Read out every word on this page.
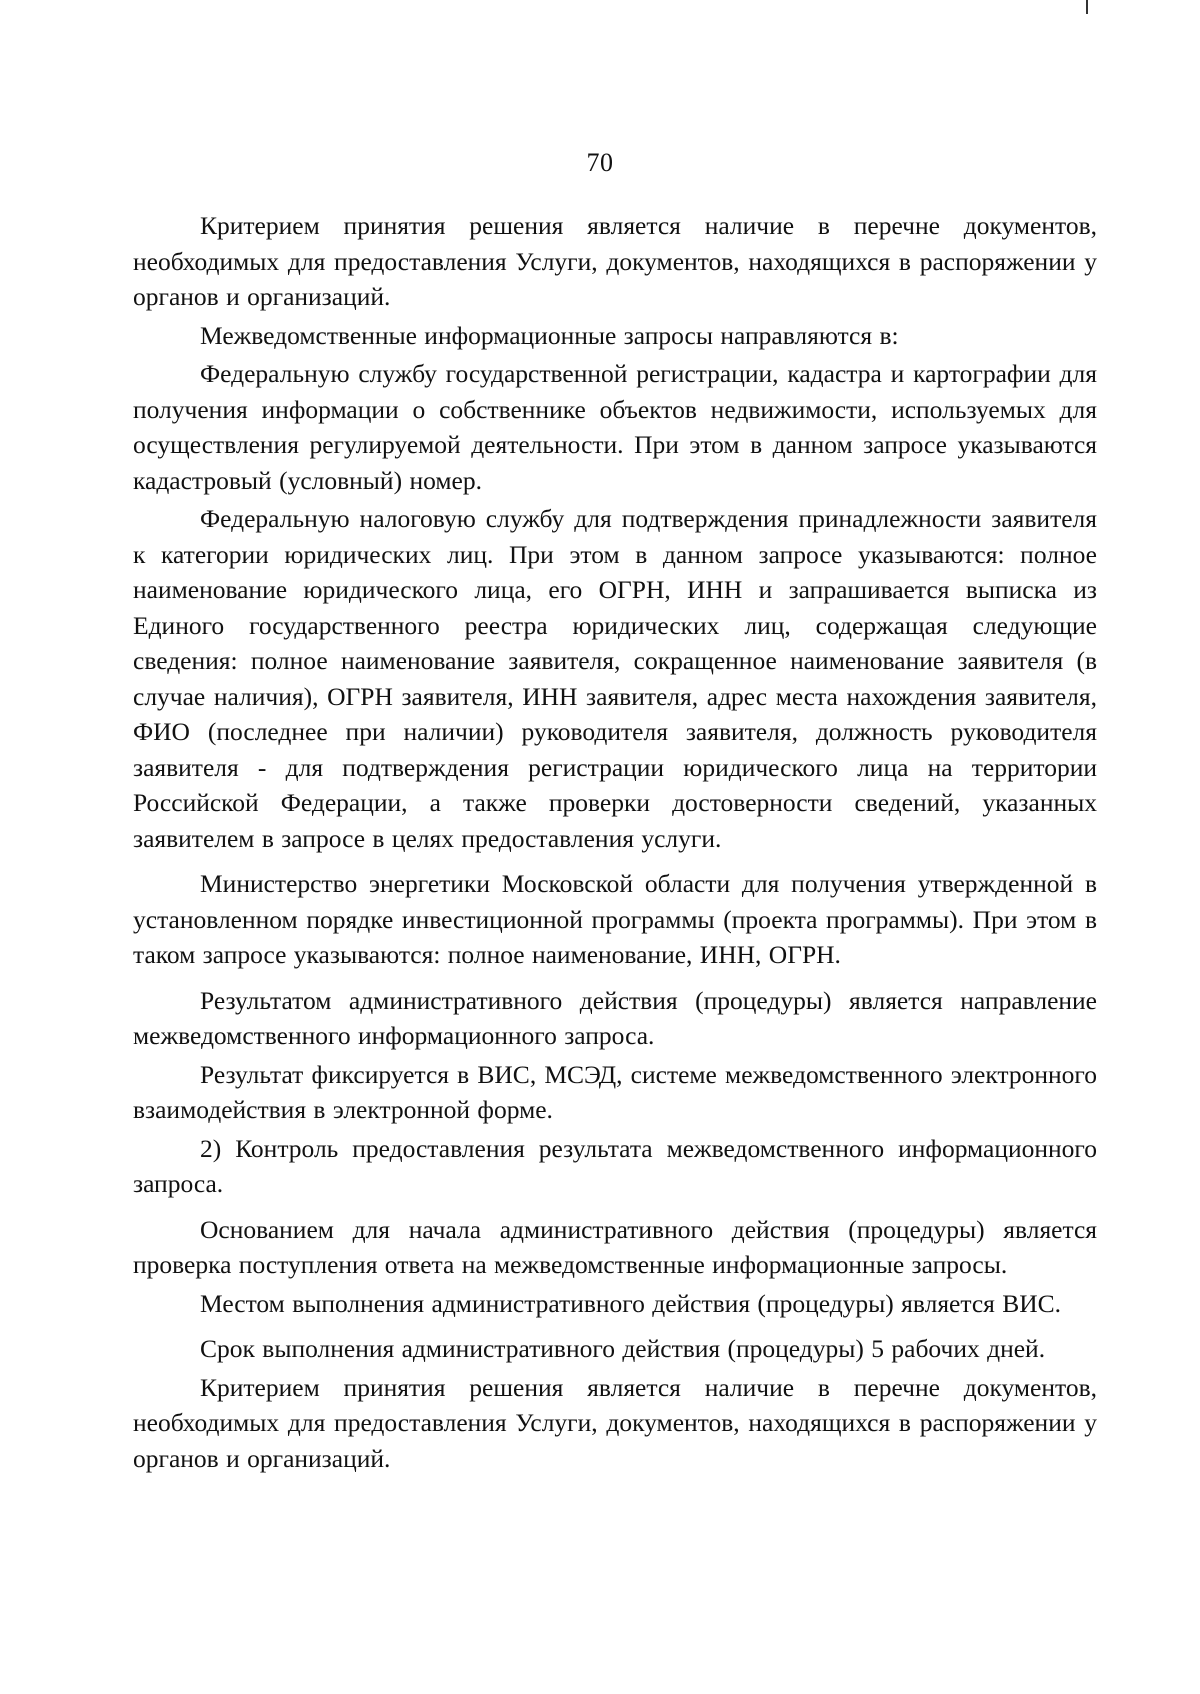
70

Критерием принятия решения является наличие в перечне документов, необходимых для предоставления Услуги, документов, находящихся в распоряжении у органов и организаций.

Межведомственные информационные запросы направляются в:

Федеральную службу государственной регистрации, кадастра и картографии для получения информации о собственнике объектов недвижимости, используемых для осуществления регулируемой деятельности. При этом в данном запросе указываются кадастровый (условный) номер.

Федеральную налоговую службу для подтверждения принадлежности заявителя к категории юридических лиц. При этом в данном запросе указываются: полное наименование юридического лица, его ОГРН, ИНН и запрашивается выписка из Единого государственного реестра юридических лиц, содержащая следующие сведения: полное наименование заявителя, сокращенное наименование заявителя (в случае наличия), ОГРН заявителя, ИНН заявителя, адрес места нахождения заявителя, ФИО (последнее при наличии) руководителя заявителя, должность руководителя заявителя - для подтверждения регистрации юридического лица на территории Российской Федерации, а также проверки достоверности сведений, указанных заявителем в запросе в целях предоставления услуги.

Министерство энергетики Московской области для получения утвержденной в установленном порядке инвестиционной программы (проекта программы). При этом в таком запросе указываются: полное наименование, ИНН, ОГРН.

Результатом административного действия (процедуры) является направление межведомственного информационного запроса.

Результат фиксируется в ВИС, МСЭД, системе межведомственного электронного взаимодействия в электронной форме.

2) Контроль предоставления результата межведомственного информационного запроса.

Основанием для начала административного действия (процедуры) является проверка поступления ответа на межведомственные информационные запросы.

Местом выполнения административного действия (процедуры) является ВИС.

Срок выполнения административного действия (процедуры) 5 рабочих дней.

Критерием принятия решения является наличие в перечне документов, необходимых для предоставления Услуги, документов, находящихся в распоряжении у органов и организаций.
